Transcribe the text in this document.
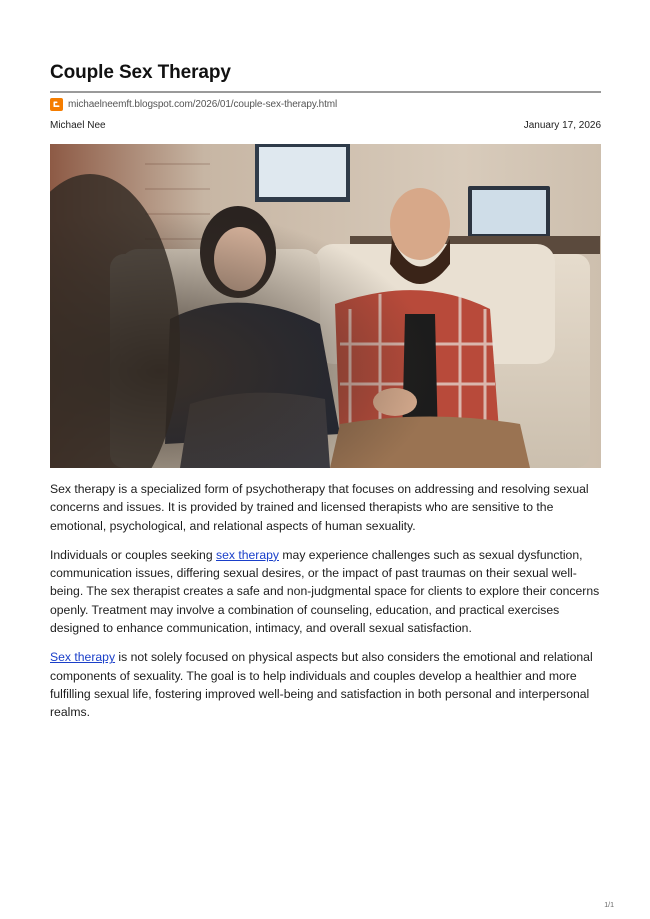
Couple Sex Therapy
michaelneemft.blogspot.com/2026/01/couple-sex-therapy.html
Michael Nee	January 17, 2026

Sex therapy is a specialized form of psychotherapy that focuses on addressing and resolving sexual concerns and issues. It is provided by trained and licensed therapists who are sensitive to the emotional, psychological, and relational aspects of human sexuality.

Individuals or couples seeking sex therapy may experience challenges such as sexual dysfunction, communication issues, differing sexual desires, or the impact of past traumas on their sexual well-being. The sex therapist creates a safe and non-judgmental space for clients to explore their concerns openly. Treatment may involve a combination of counseling, education, and practical exercises designed to enhance communication, intimacy, and overall sexual satisfaction.

Sex therapy is not solely focused on physical aspects but also considers the emotional and relational components of sexuality. The goal is to help individuals and couples develop a healthier and more fulfilling sexual life, fostering improved well-being and satisfaction in both personal and interpersonal realms.

1/1
